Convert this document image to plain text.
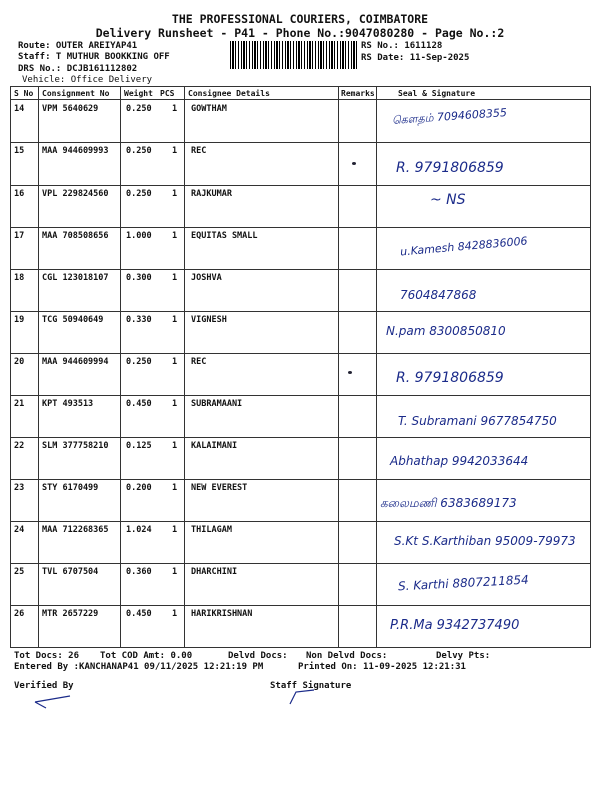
THE PROFESSIONAL COURIERS, COIMBATORE
Delivery Runsheet - P41 - Phone No.:9047080280 - Page No.:2
Route: OUTER AREIYAP41
Staff: T MUTHUR BOOKKING OFF
DRS No.: DCJB161112802
Vehicle: Office Delivery
RS No.: 1611128
RS Date: 11-Sep-2025
S No Consignment No Weight PCS Consignee Details	Remarks	Seal & Signature
14 VPM 5640629	0.250 1 GOWTHAM	கௌதம் 7094608355
15 MAA 944609993 0.250 1 REC
R. 9791806859
16 VPL 229824560 0.250 1 RAJKUMAR	~ NS
17 MAA 708508656 1.000 1 EQUITAS SMALL	u.Kamesh 8428836006
18 CGL 123018107 0.300 1 JOSHVA
7604847868
19 TCG 50940649	0.330 1 VIGNESH
N.pam 8300850810
20 MAA 944609994 0.250 1 REC
R. 9791806859
21 KPT 493513	0.450 1 SUBRAMAANI
T. Subramani 9677854750
22 SLM 377758210 0.125 1 KALAIMANI
Abhathap 9942033644
23 STY 6170499	0.200 1 NEW EVEREST
கலைமணி 6383689173
24 MAA 712268365 1.024 1 THILAGAM
S.Kt S.Karthiban 95009-79973
25 TVL 6707504	0.360 1 DHARCHINI
S. Karthi 8807211854
26 MTR 2657229	0.450 1 HARIKRISHNAN
P.R.Ma 9342737490
Tot Docs: 26 Tot COD Amt: 0.00	Delvd Docs: Non Delvd Docs:	Delvy Pts:
Entered By :KANCHANAP41 09/11/2025 12:21:19 PM	Printed On: 11-09-2025 12:21:31
Verified By	Staff Signature
